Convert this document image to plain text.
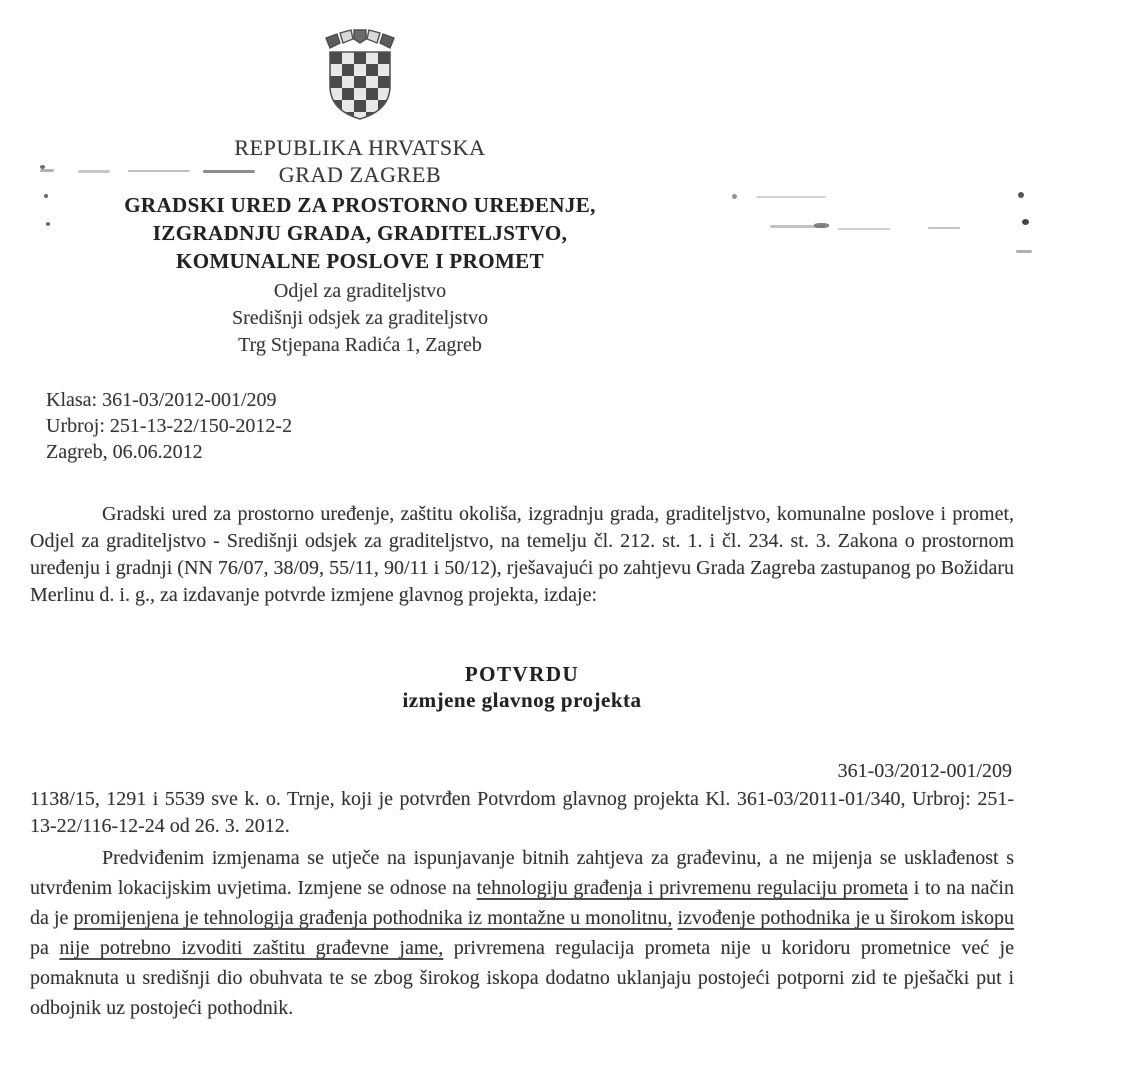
REPUBLIKA HRVATSKA
GRAD ZAGREB
GRADSKI URED ZA PROSTORNO UREĐENJE,
IZGRADNJU GRADA, GRADITELJSTVO,
KOMUNALNE POSLOVE I PROMET
Odjel za graditeljstvo
Središnji odsjek za graditeljstvo
Trg Stjepana Radića 1, Zagreb
Klasa: 361-03/2012-001/209
Urbroj: 251-13-22/150-2012-2
Zagreb, 06.06.2012

Gradski ured za prostorno uređenje, zaštitu okoliša, izgradnju grada, graditeljstvo, komunalne poslove i promet, Odjel za graditeljstvo - Središnji odsjek za graditeljstvo, na temelju čl. 212. st. 1. i čl. 234. st. 3. Zakona o prostornom uređenju i gradnji (NN 76/07, 38/09, 55/11, 90/11 i 50/12), rješavajući po zahtjevu Grada Zagreba zastupanog po Božidaru Merlinu d. i. g., za izdavanje potvrde izmjene glavnog projekta, izdaje:

POTVRDU
izmjene glavnog projekta
361-03/2012-001/209

1138/15, 1291 i 5539 sve k. o. Trnje, koji je potvrđen Potvrdom glavnog projekta Kl. 361-03/2011-01/340, Urbroj: 251-13-22/116-12-24 od 26. 3. 2012.

Predviđenim izmjenama se utječe na ispunjavanje bitnih zahtjeva za građevinu, a ne mijenja se usklađenost s utvrđenim lokacijskim uvjetima. Izmjene se odnose na tehnologiju građenja i privremenu regulaciju prometa i to na način da je promijenjena je tehnologija građenja pothodnika iz montažne u monolitnu, izvođenje pothodnika je u širokom iskopu pa nije potrebno izvoditi zaštitu građevne jame, privremena regulacija prometa nije u koridoru prometnice već je pomaknuta u središnji dio obuhvata te se zbog širokog iskopa dodatno uklanjaju postojeći potporni zid te pješački put i odbojnik uz postojeći pothodnik.
